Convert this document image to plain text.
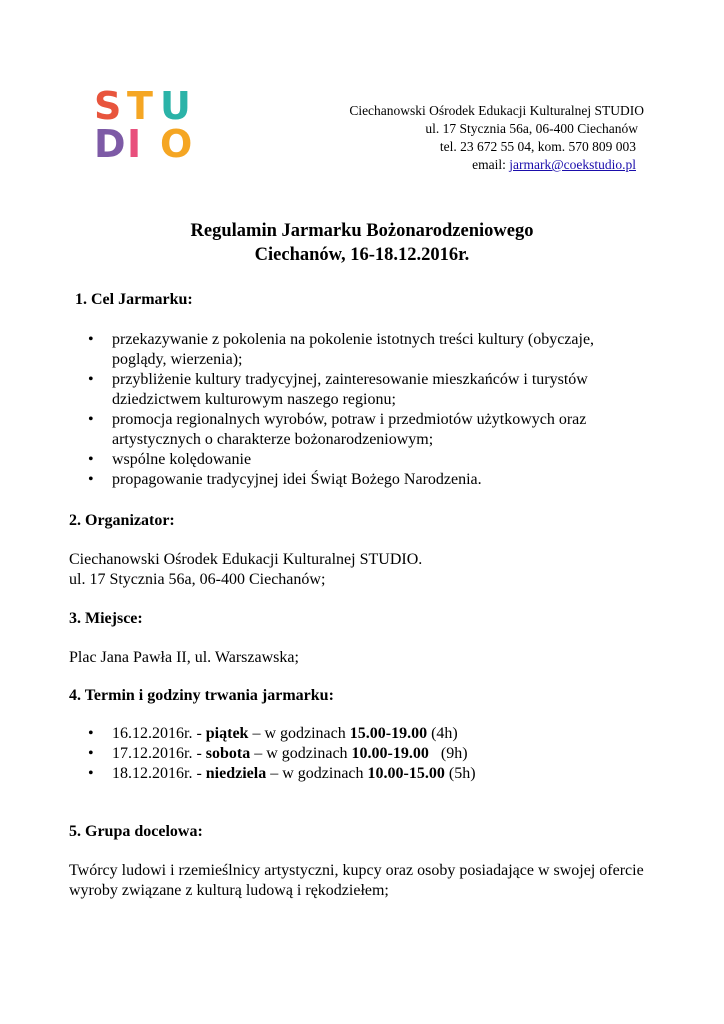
S T U
D I O
Ciechanowski Ośrodek Edukacji Kulturalnej STUDIO
ul. 17 Stycznia 56a, 06-400 Ciechanów
tel. 23 672 55 04, kom. 570 809 003
email: jarmark@coekstudio.pl
Regulamin Jarmarku Bożonarodzeniowego
Ciechanów, 16-18.12.2016r.
1. Cel Jarmarku:
• przekazywanie z pokolenia na pokolenie istotnych treści kultury (obyczaje, poglądy, wierzenia);
• przybliżenie kultury tradycyjnej, zainteresowanie mieszkańców i turystów dziedzictwem kulturowym naszego regionu;
• promocja regionalnych wyrobów, potraw i przedmiotów użytkowych oraz artystycznych o charakterze bożonarodzeniowym;
• wspólne kolędowanie
• propagowanie tradycyjnej idei Świąt Bożego Narodzenia.
2. Organizator:
Ciechanowski Ośrodek Edukacji Kulturalnej STUDIO.
ul. 17 Stycznia 56a, 06-400 Ciechanów;
3. Miejsce:
Plac Jana Pawła II, ul. Warszawska;
4. Termin i godziny trwania jarmarku:
• 16.12.2016r. - piątek – w godzinach 15.00-19.00 (4h)
• 17.12.2016r. - sobota – w godzinach 10.00-19.00   (9h)
• 18.12.2016r. - niedziela – w godzinach 10.00-15.00 (5h)
5. Grupa docelowa:
Twórcy ludowi i rzemieślnicy artystyczni, kupcy oraz osoby posiadające w swojej ofercie wyroby związane z kulturą ludową i rękodziełem;
